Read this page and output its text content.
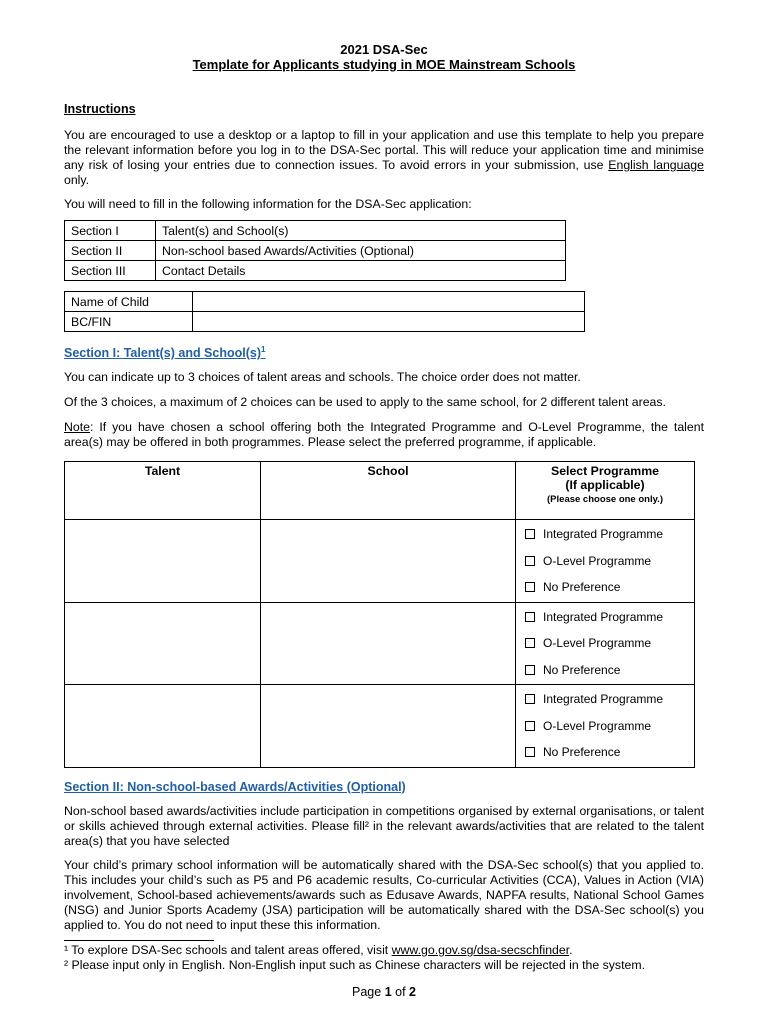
2021 DSA-Sec
Template for Applicants studying in MOE Mainstream Schools
Instructions

You are encouraged to use a desktop or a laptop to fill in your application and use this template to help you prepare the relevant information before you log in to the DSA-Sec portal. This will reduce your application time and minimise any risk of losing your entries due to connection issues. To avoid errors in your submission, use English language only.

You will need to fill in the following information for the DSA-Sec application:

Section I	Talent(s) and School(s)
Section II	Non-school based Awards/Activities (Optional)
Section III	Contact Details
Name of Child	
BC/FIN	
Section I: Talent(s) and $School(s)^1$

You can indicate up to 3 choices of talent areas and schools. The choice order does not matter.

Of the 3 choices, a maximum of 2 choices can be used to apply to the same school, for 2 different talent areas.

Note: If you have chosen a school offering both the Integrated Programme and O-Level Programme, the talent area(s) may be offered in both programmes. Please select the preferred programme, if applicable.

Talent	School	Select Programme
(If applicable)
(Please choose one only.)

		Integrated Programme
O-Level Programme
No Preference

		Integrated Programme
O-Level Programme
No Preference

		Integrated Programme
O-Level Programme
No Preference
Section II: Non-school-based Awards/Activities (Optional)

Non-school based awards/activities include participation in competitions organised by external organisations, or talent or skills achieved through external activities. Please fill² in the relevant awards/activities that are related to the talent area(s) that you have selected

Your child’s primary school information will be automatically shared with the DSA-Sec school(s) that you applied to. This includes your child’s such as P5 and P6 academic results, Co-curricular Activities (CCA), Values in Action (VIA) involvement, School-based achievements/awards such as Edusave Awards, NAPFA results, National School Games (NSG) and Junior Sports Academy (JSA) participation will be automatically shared with the DSA-Sec school(s) you applied to. You do not need to input these this information.

¹ To explore DSA-Sec schools and talent areas offered, visit www.go.gov.sg/dsa-secschfinder.

² Please input only in English. Non-English input such as Chinese characters will be rejected in the system.

Page 1 of 2
